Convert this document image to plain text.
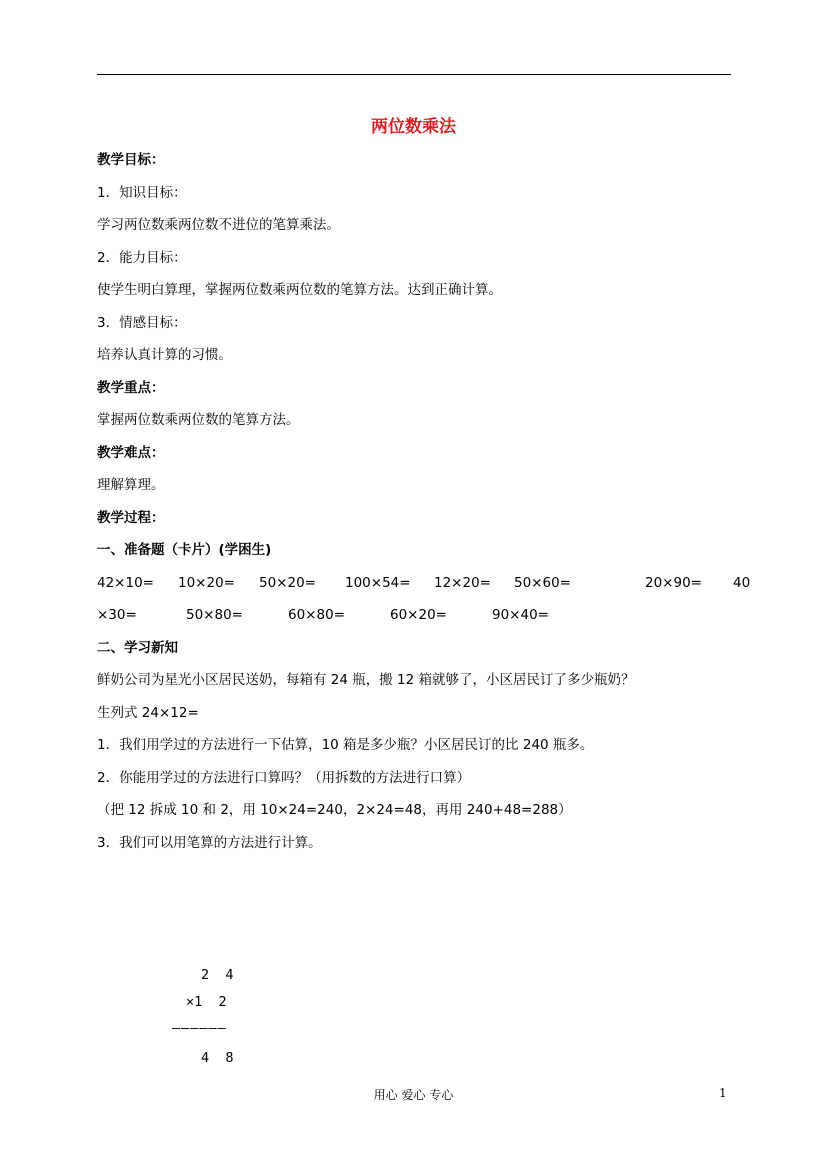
两位数乘法
教学目标：
1．知识目标：
学习两位数乘两位数不进位的笔算乘法。
2．能力目标：
使学生明白算理，掌握两位数乘两位数的笔算方法。达到正确计算。
3．情感目标：
培养认真计算的习惯。
教学重点：
掌握两位数乘两位数的笔算方法。
教学难点：
理解算理。
教学过程：
一、准备题（卡片）(学困生)
42×10= 10×20= 50×20= 100×54= 12×20= 50×60=	20×90= 40
×30=	50×80=	60×80=	60×20=	90×40=
二、学习新知
鲜奶公司为星光小区居民送奶，每箱有 24 瓶，搬 12 箱就够了，小区居民订了多少瓶奶？
生列式 24×12=
1．我们用学过的方法进行一下估算，10 箱是多少瓶？小区居民订的比 240 瓶多。
2．你能用学过的方法进行口算吗？（用拆数的方法进行口算）
（把 12 拆成 10 和 2，用 10×24=240，2×24=48，再用 240+48=288）
3．我们可以用笔算的方法进行计算。
2  4
×1  2
——————
4  8
用心 爱心 专心	1
